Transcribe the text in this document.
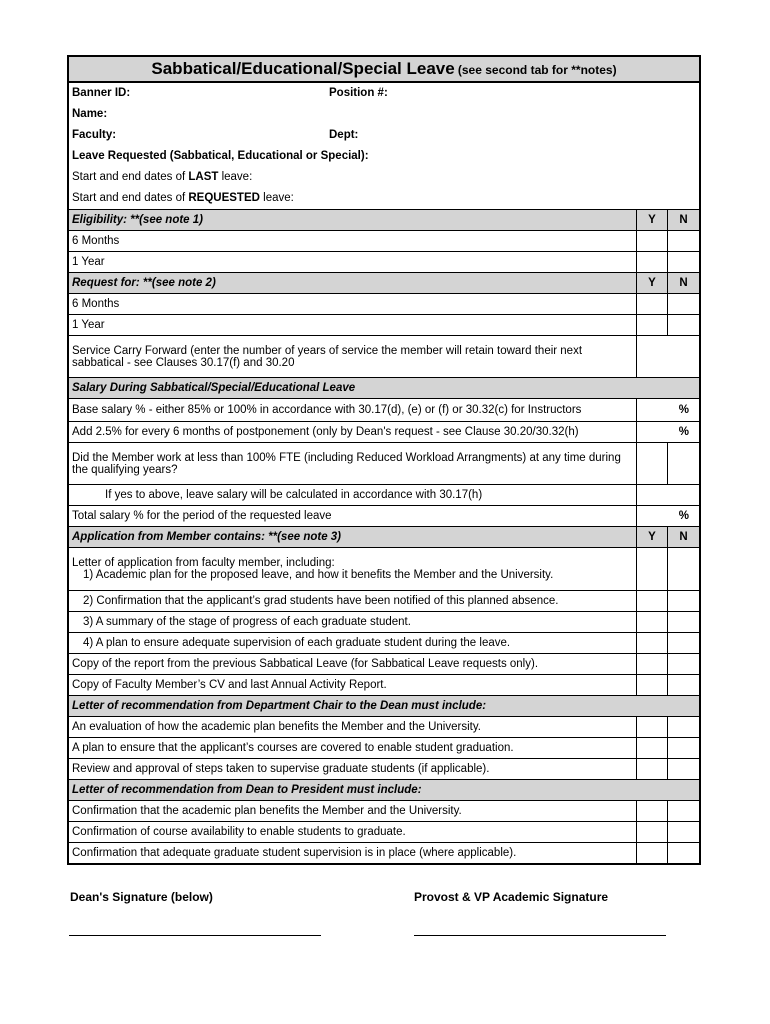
Sabbatical/Educational/Special Leave (see second tab for **notes)
Banner ID:	Position #:
Name:
Faculty:	Dept:
Leave Requested (Sabbatical, Educational or Special):
Start and end dates of LAST leave:
Start and end dates of REQUESTED leave:
Eligibility: **(see note 1)	Y	N
6 Months
1 Year
Request for: **(see note 2)	Y	N
6 Months
1 Year
Service Carry Forward (enter the number of years of service the member will retain toward their next sabbatical - see Clauses 30.17(f) and 30.20
Salary During Sabbatical/Special/Educational Leave
Base salary % - either 85% or 100% in accordance with 30.17(d), (e) or (f) or 30.32(c) for Instructors	%
Add 2.5% for every 6 months of postponement (only by Dean's request - see Clause 30.20/30.32(h)	%
Did the Member work at less than 100% FTE (including Reduced Workload Arrangments) at any time during the qualifying years?
If yes to above, leave salary will be calculated in accordance with 30.17(h)
Total salary % for the period of the requested leave	%
Application from Member contains: **(see note 3)	Y	N
Letter of application from faculty member, including:
1) Academic plan for the proposed leave, and how it benefits the Member and the University.
2) Confirmation that the applicant’s grad students have been notified of this planned absence.
3) A summary of the stage of progress of each graduate student.
4) A plan to ensure adequate supervision of each graduate student during the leave.
Copy of the report from the previous Sabbatical Leave (for Sabbatical Leave requests only).
Copy of Faculty Member’s CV and last Annual Activity Report.
Letter of recommendation from Department Chair to the Dean must include:
An evaluation of how the academic plan benefits the Member and the University.
A plan to ensure that the applicant’s courses are covered to enable student graduation.
Review and approval of steps taken to supervise graduate students (if applicable).
Letter of recommendation from Dean to President must include:
Confirmation that the academic plan benefits the Member and the University.
Confirmation of course availability to enable students to graduate.
Confirmation that adequate graduate student supervision is in place (where applicable).
Dean's Signature (below)	Provost & VP Academic Signature
